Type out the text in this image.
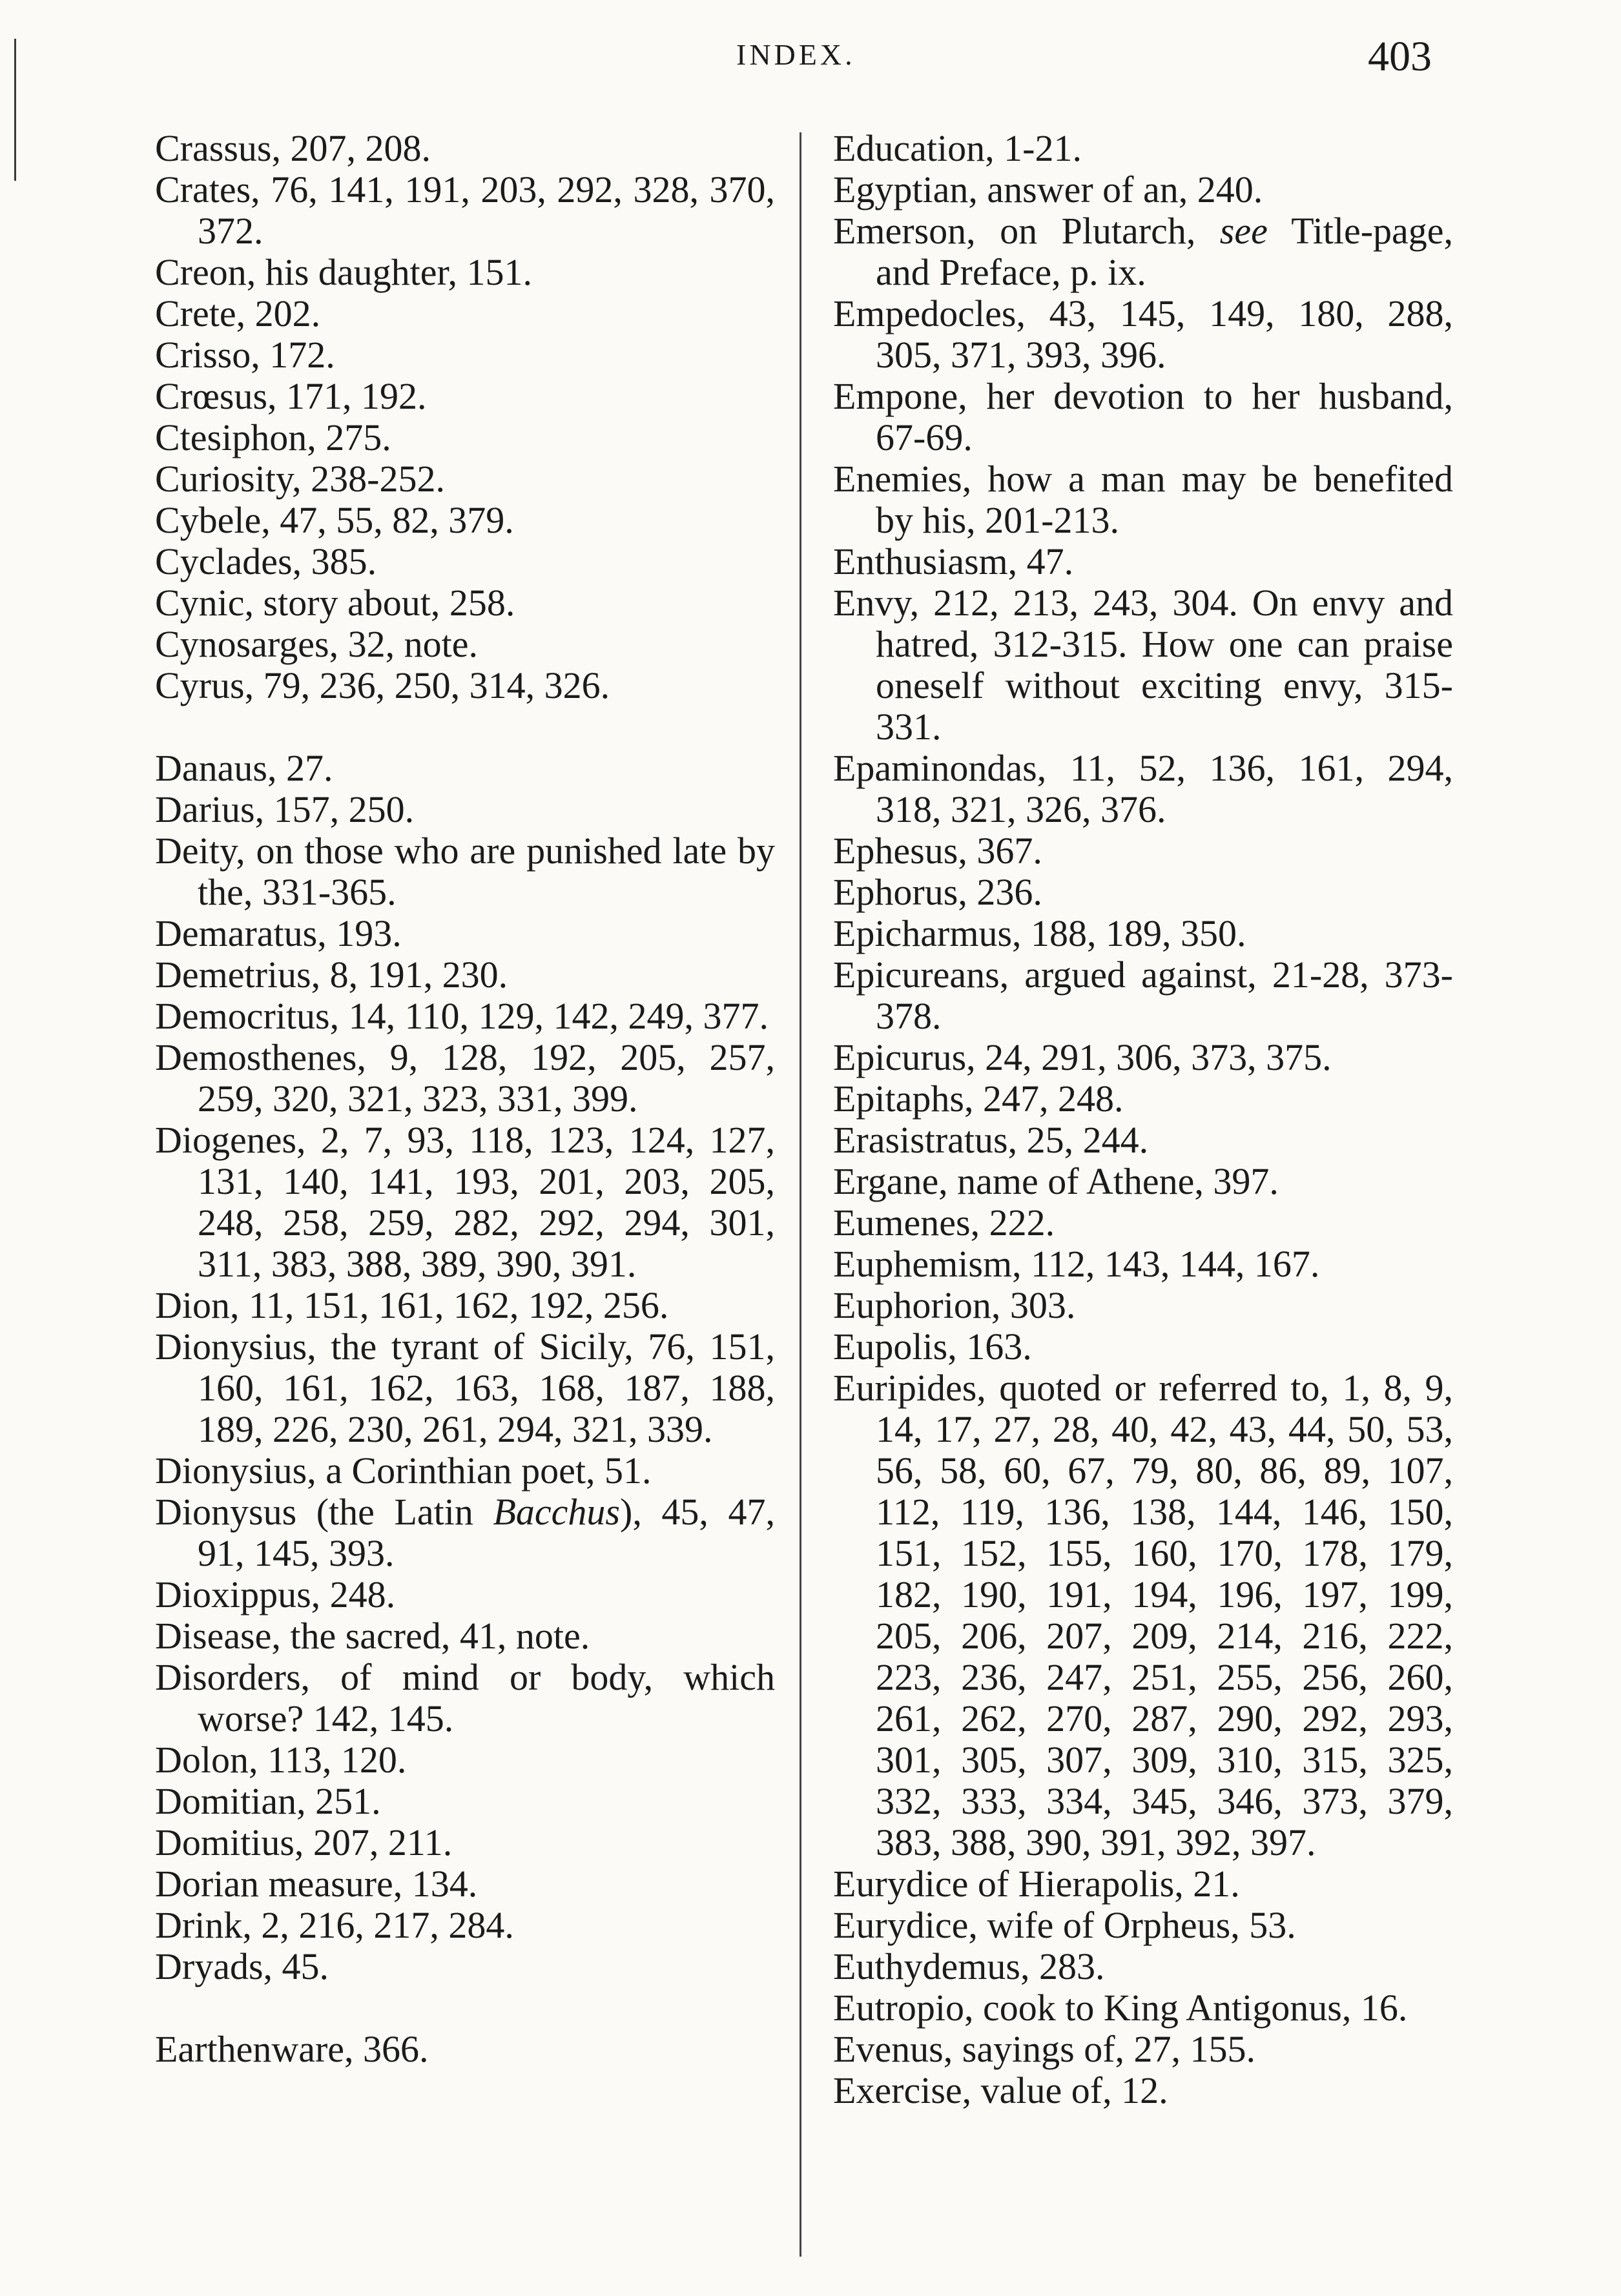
INDEX.	403

Crassus, 207, 208.

Crates, 76, 141, 191, 203, 292, 328, 370, 372.

Creon, his daughter, 151.

Crete, 202.

Crisso, 172.

Crœsus, 171, 192.

Ctesiphon, 275.

Curiosity, 238-252.

Cybele, 47, 55, 82, 379.

Cyclades, 385.

Cynic, story about, 258.

Cynosarges, 32, note.

Cyrus, 79, 236, 250, 314, 326.

Danaus, 27.

Darius, 157, 250.

Deity, on those who are punished late by the, 331-365.

Demaratus, 193.

Demetrius, 8, 191, 230.

Democritus, 14, 110, 129, 142, 249, 377.

Demosthenes, 9, 128, 192, 205, 257, 259, 320, 321, 323, 331, 399.

Diogenes, 2, 7, 93, 118, 123, 124, 127, 131, 140, 141, 193, 201, 203, 205, 248, 258, 259, 282, 292, 294, 301, 311, 383, 388, 389, 390, 391.

Dion, 11, 151, 161, 162, 192, 256.

Dionysius, the tyrant of Sicily, 76, 151, 160, 161, 162, 163, 168, 187, 188, 189, 226, 230, 261, 294, 321, 339.

Dionysius, a Corinthian poet, 51.

Dionysus (the Latin Bacchus), 45, 47, 91, 145, 393.

Dioxippus, 248.

Disease, the sacred, 41, note.

Disorders, of mind or body, which worse? 142, 145.

Dolon, 113, 120.

Domitian, 251.

Domitius, 207, 211.

Dorian measure, 134.

Drink, 2, 216, 217, 284.

Dryads, 45.

Earthenware, 366.

Education, 1-21.

Egyptian, answer of an, 240.

Emerson, on Plutarch, see Title-page, and Preface, p. ix.

Empedocles, 43, 145, 149, 180, 288, 305, 371, 393, 396.

Empone, her devotion to her husband, 67-69.

Enemies, how a man may be benefited by his, 201-213.

Enthusiasm, 47.

Envy, 212, 213, 243, 304. On envy and hatred, 312-315. How one can praise oneself without exciting envy, 315-331.

Epaminondas, 11, 52, 136, 161, 294, 318, 321, 326, 376.

Ephesus, 367.

Ephorus, 236.

Epicharmus, 188, 189, 350.

Epicureans, argued against, 21-28, 373-378.

Epicurus, 24, 291, 306, 373, 375.

Epitaphs, 247, 248.

Erasistratus, 25, 244.

Ergane, name of Athene, 397.

Eumenes, 222.

Euphemism, 112, 143, 144, 167.

Euphorion, 303.

Eupolis, 163.

Euripides, quoted or referred to, 1, 8, 9, 14, 17, 27, 28, 40, 42, 43, 44, 50, 53, 56, 58, 60, 67, 79, 80, 86, 89, 107, 112, 119, 136, 138, 144, 146, 150, 151, 152, 155, 160, 170, 178, 179, 182, 190, 191, 194, 196, 197, 199, 205, 206, 207, 209, 214, 216, 222, 223, 236, 247, 251, 255, 256, 260, 261, 262, 270, 287, 290, 292, 293, 301, 305, 307, 309, 310, 315, 325, 332, 333, 334, 345, 346, 373, 379, 383, 388, 390, 391, 392, 397.

Eurydice of Hierapolis, 21.

Eurydice, wife of Orpheus, 53.

Euthydemus, 283.

Eutropio, cook to King Antigonus, 16.

Evenus, sayings of, 27, 155.

Exercise, value of, 12.
